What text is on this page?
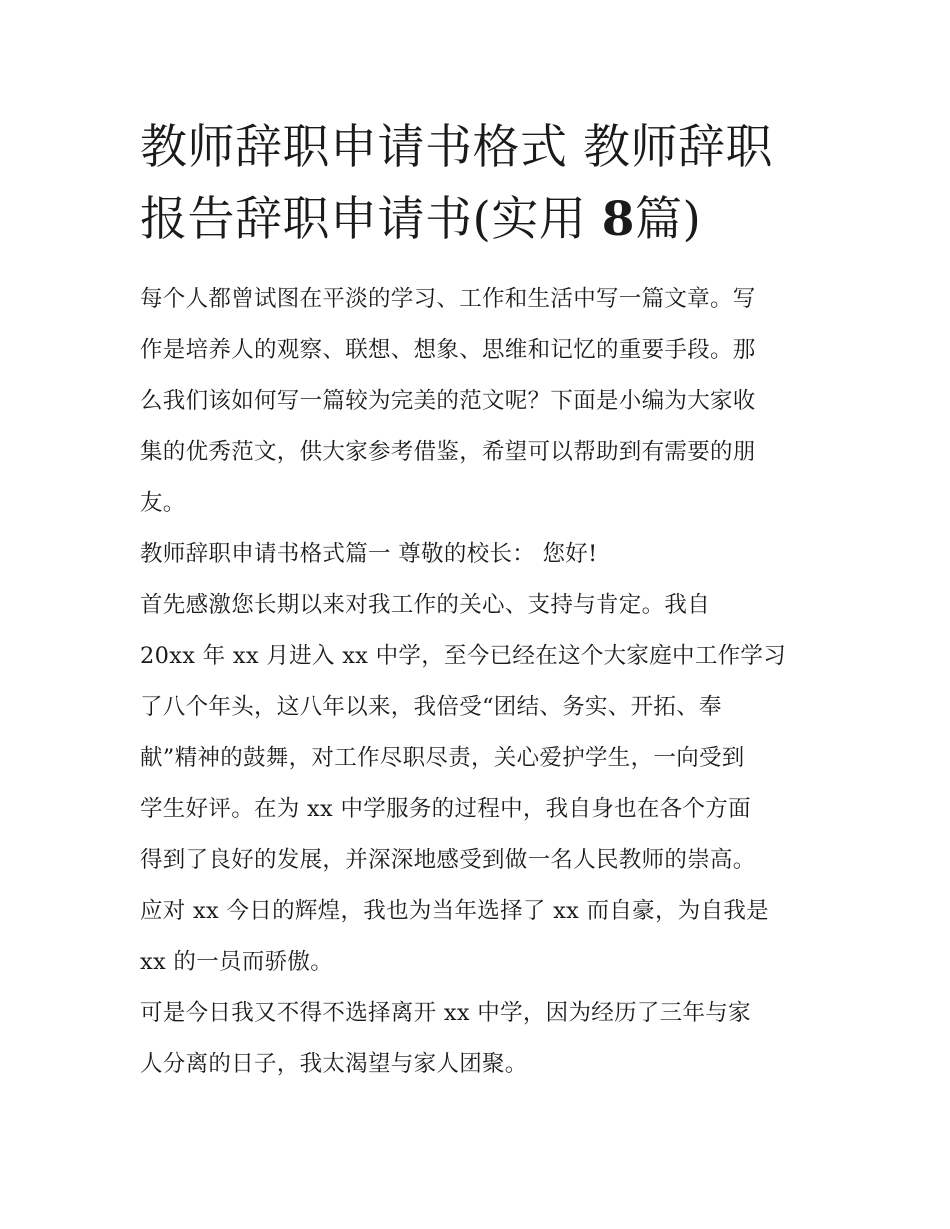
教师辞职申请书格式 教师辞职
报告辞职申请书(实用 8篇)

每个人都曾试图在平淡的学习、工作和生活中写一篇文章。写
作是培养人的观察、联想、想象、思维和记忆的重要手段。那
么我们该如何写一篇较为完美的范文呢？下面是小编为大家收
集的优秀范文，供大家参考借鉴，希望可以帮助到有需要的朋
友。

教师辞职申请书格式篇一 尊敬的校长： 您好!

首先感激您长期以来对我工作的关心、支持与肯定。我自
20xx 年 xx 月进入 xx 中学，至今已经在这个大家庭中工作学习
了八个年头，这八年以来，我倍受“团结、务实、开拓、奉
献”精神的鼓舞，对工作尽职尽责，关心爱护学生，一向受到
学生好评。在为 xx 中学服务的过程中，我自身也在各个方面
得到了良好的发展，并深深地感受到做一名人民教师的崇高。
应对 xx 今日的辉煌，我也为当年选择了 xx 而自豪，为自我是
xx 的一员而骄傲。

可是今日我又不得不选择离开 xx 中学，因为经历了三年与家
人分离的日子，我太渴望与家人团聚。
